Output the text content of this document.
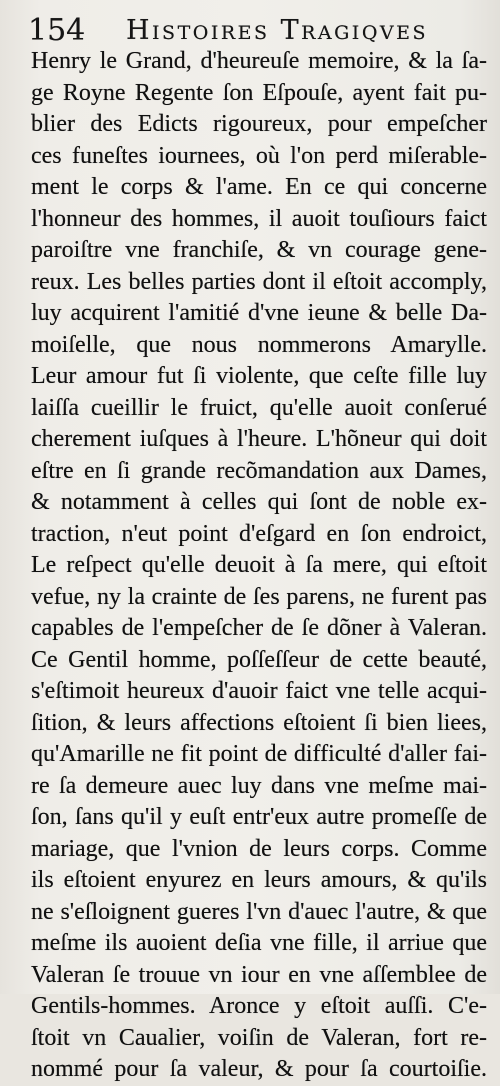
154 Histoires Tragiqves
Henry le Grand, d'heureuſe memoire, & la ſa-
ge Royne Regente ſon Eſpouſe, ayent fait pu-
blier des Edicts rigoureux, pour empeſcher
ces funeſtes iournees, où l'on perd miſerable-
ment le corps & l'ame. En ce qui concerne
l'honneur des hommes, il auoit touſiours faict
paroiſtre vne franchiſe, & vn courage gene-
reux. Les belles parties dont il eſtoit accomply,
luy acquirent l'amitié d'vne ieune & belle Da-
moiſelle, que nous nommerons Amarylle.
Leur amour fut ſi violente, que ceſte fille luy
laiſſa cueillir le fruict, qu'elle auoit conſerué
cherement iuſques à l'heure. L'hõneur qui doit
eſtre en ſi grande recõmandation aux Dames,
& notamment à celles qui ſont de noble ex-
traction, n'eut point d'eſgard en ſon endroict,
Le reſpect qu'elle deuoit à ſa mere, qui eſtoit
vefue, ny la crainte de ſes parens, ne furent pas
capables de l'empeſcher de ſe dõner à Valeran.
Ce Gentil homme, poſſeſſeur de cette beauté,
s'eſtimoit heureux d'auoir faict vne telle acqui-
ſition, & leurs affections eſtoient ſi bien liees,
qu'Amarille ne fit point de difficulté d'aller fai-
re ſa demeure auec luy dans vne meſme mai-
ſon, ſans qu'il y euſt entr'eux autre promeſſe de
mariage, que l'vnion de leurs corps. Comme
ils eſtoient enyurez en leurs amours, & qu'ils
ne s'eſloignent gueres l'vn d'auec l'autre, & que
meſme ils auoient deſia vne fille, il arriue que
Valeran ſe trouue vn iour en vne aſſemblee de
Gentils-hommes. Aronce y eſtoit auſſi. C'e-
ſtoit vn Caualier, voiſin de Valeran, fort re-
nommé pour ſa valeur, & pour ſa courtoiſie.
